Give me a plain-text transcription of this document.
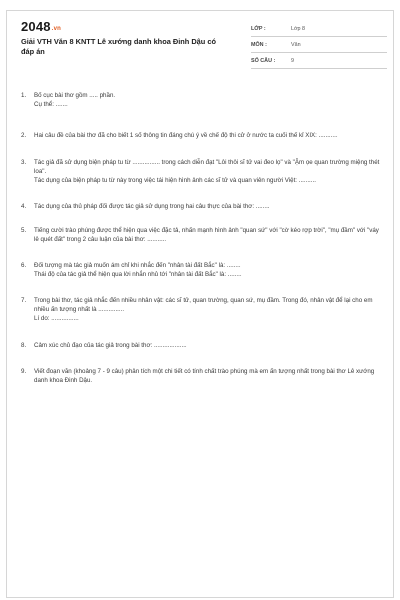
2048.vn
Giải VTH Văn 8 KNTT Lê xướng danh khoa Đinh Dậu có đáp án
LỚP :	Lớp 8
MÔN :	Văn
SỐ CÂU :	9
1. Bố cục bài thơ gồm ..... phần.
Cụ thể: .......
2. Hai câu đề của bài thơ đã cho biết 1 số thông tin đáng chú ý về chế độ thi cử ở nước ta cuối thế kỉ XIX: ...........
3. Tác giả đã sử dụng biện pháp tu từ ................ trong cách diễn đạt "Lôi thôi sĩ tử vai đeo lọ" và "Ậm ọe quan trường miệng thét loa".
Tác dụng của biện pháp tu từ này trong việc tái hiện hình ảnh các sĩ tử và quan viên người Việt: ..........
4. Tác dụng của thủ pháp đối được tác giả sử dụng trong hai câu thực của bài thơ: ........
5. Tiếng cười trào phúng được thể hiện qua việc đặc tả, nhấn mạnh hình ảnh "quan sứ" với "cờ kéo rợp trời", "mụ đầm" với "váy lê quét đất" trong 2 câu luận của bài thơ: ...........
6. Đối tượng mà tác giả muốn ám chỉ khi nhắc đến "nhân tài đất Bắc" là: ........
Thái độ của tác giả thể hiện qua lời nhắn nhủ tới "nhân tài đất Bắc" là: ........
7. Trong bài thơ, tác giả nhắc đến nhiều nhân vật: các sĩ tử, quan trường, quan sứ, mụ đầm. Trong đó, nhân vật để lại cho em nhiều ấn tượng nhất là ...............
Lí do: ................
8. Cảm xúc chủ đạo của tác giả trong bài thơ: ...................
9. Viết đoạn văn (khoảng 7 - 9 câu) phân tích một chi tiết có tính chất trào phúng mà em ấn tượng nhất trong bài thơ Lê xướng danh khoa Đinh Dậu.
